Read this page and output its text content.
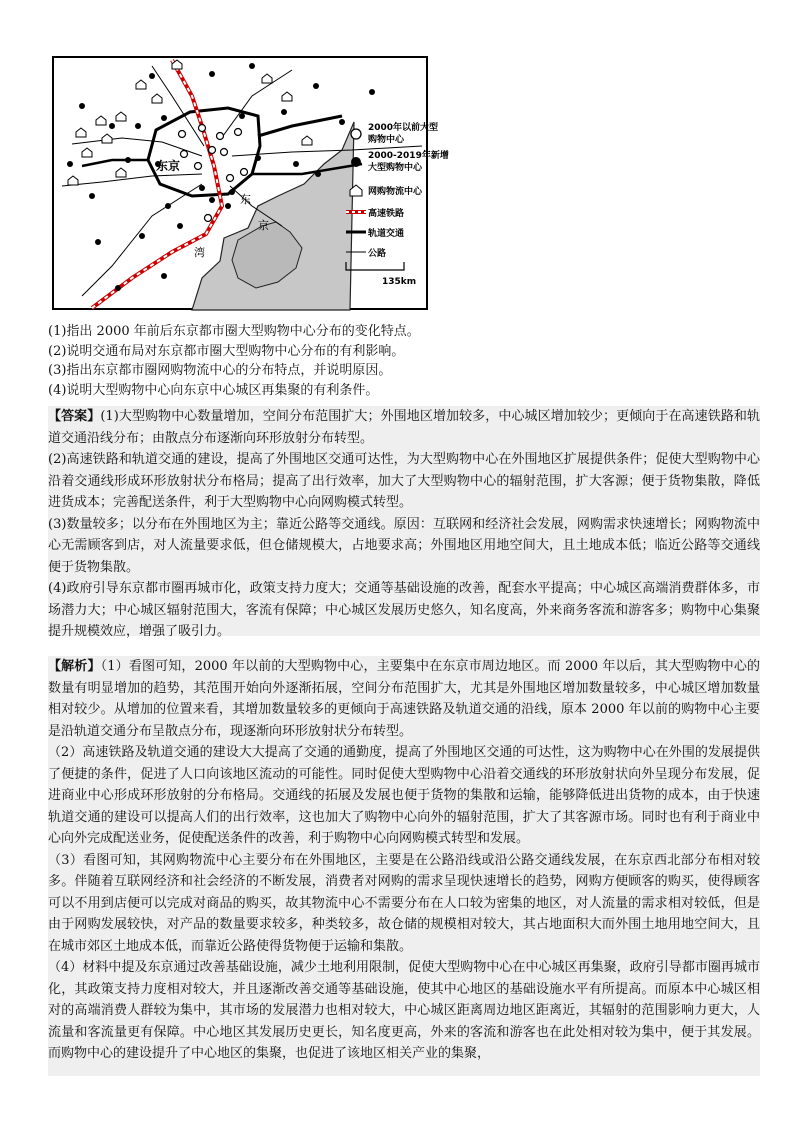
东京
东
京
湾
2000年以前大型
购物中心
2000-2019年新增
大型购物中心
网购物流中心
高速铁路
轨道交通
公路
135km

(1)指出 2000 年前后东京都市圈大型购物中心分布的变化特点。

(2)说明交通布局对东京都市圈大型购物中心分布的有利影响。

(3)指出东京都市圈网购物流中心的分布特点，并说明原因。

(4)说明大型购物中心向东京中心城区再集聚的有利条件。

【答案】(1)大型购物中心数量增加，空间分布范围扩大；外围地区增加较多，中心城区增加较少；更倾向于在高速铁路和轨道交通沿线分布；由散点分布逐渐向环形放射分布转型。

(2)高速铁路和轨道交通的建设，提高了外围地区交通可达性，为大型购物中心在外围地区扩展提供条件；促使大型购物中心沿着交通线形成环形放射状分布格局；提高了出行效率，加大了大型购物中心的辐射范围，扩大客源；便于货物集散，降低进货成本；完善配送条件，利于大型购物中心向网购模式转型。

(3)数量较多；以分布在外围地区为主；靠近公路等交通线。原因：互联网和经济社会发展，网购需求快速增长；网购物流中心无需顾客到店，对人流量要求低，但仓储规模大，占地要求高；外围地区用地空间大，且土地成本低；临近公路等交通线便于货物集散。

(4)政府引导东京都市圈再城市化，政策支持力度大；交通等基础设施的改善，配套水平提高；中心城区高端消费群体多，市场潜力大；中心城区辐射范围大，客流有保障；中心城区发展历史悠久，知名度高，外来商务客流和游客多；购物中心集聚提升规模效应，增强了吸引力。

【解析】（1）看图可知，2000 年以前的大型购物中心，主要集中在东京市周边地区。而 2000 年以后，其大型购物中心的数量有明显增加的趋势，其范围开始向外逐渐拓展，空间分布范围扩大，尤其是外围地区增加数量较多，中心城区增加数量相对较少。从增加的位置来看，其增加数量较多的更倾向于高速铁路及轨道交通的沿线，原本 2000 年以前的购物中心主要是沿轨道交通分布呈散点分布，现逐渐向环形放射状分布转型。

（2）高速铁路及轨道交通的建设大大提高了交通的通勤度，提高了外围地区交通的可达性，这为购物中心在外围的发展提供了便捷的条件，促进了人口向该地区流动的可能性。同时促使大型购物中心沿着交通线的环形放射状向外呈现分布发展，促进商业中心形成环形放射的分布格局。交通线的拓展及发展也便于货物的集散和运输，能够降低进出货物的成本，由于快速轨道交通的建设可以提高人们的出行效率，这也加大了购物中心向外的辐射范围，扩大了其客源市场。同时也有利于商业中心向外完成配送业务，促使配送条件的改善，利于购物中心向网购模式转型和发展。

（3）看图可知，其网购物流中心主要分布在外围地区，主要是在公路沿线或沿公路交通线发展，在东京西北部分布相对较多。伴随着互联网经济和社会经济的不断发展，消费者对网购的需求呈现快速增长的趋势，网购方便顾客的购买，使得顾客可以不用到店便可以完成对商品的购买，故其物流中心不需要分布在人口较为密集的地区，对人流量的需求相对较低，但是由于网购发展较快，对产品的数量要求较多，种类较多，故仓储的规模相对较大，其占地面积大而外围土地用地空间大，且在城市郊区土地成本低，而靠近公路使得货物便于运输和集散。

（4）材料中提及东京通过改善基础设施，减少土地利用限制，促使大型购物中心在中心城区再集聚，政府引导都市圈再城市化，其政策支持力度相对较大，并且逐渐改善交通等基础设施，使其中心地区的基础设施水平有所提高。而原本中心城区相对的高端消费人群较为集中，其市场的发展潜力也相对较大，中心城区距离周边地区距离近，其辐射的范围影响力更大，人流量和客流量更有保障。中心地区其发展历史更长，知名度更高，外来的客流和游客也在此处相对较为集中，便于其发展。而购物中心的建设提升了中心地区的集聚，也促进了该地区相关产业的集聚，
